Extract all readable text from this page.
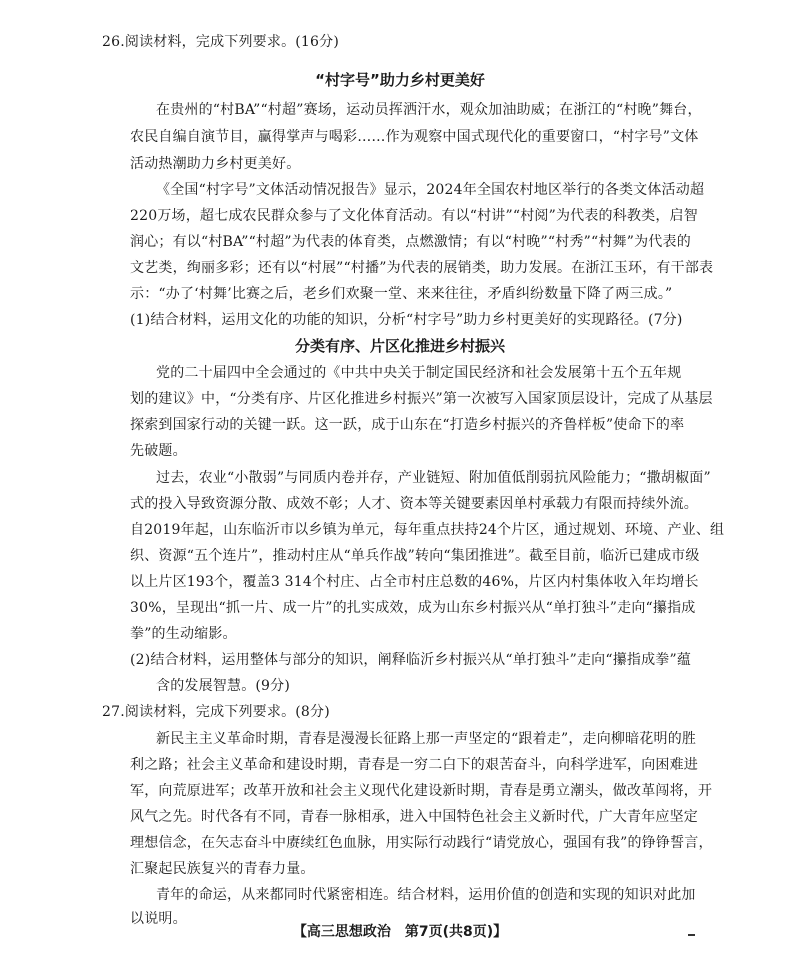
26.阅读材料，完成下列要求。(16分)
“村字号”助力乡村更美好
在贵州的“村BA”“村超”赛场，运动员挥洒汗水，观众加油助威；在浙江的“村晚”舞台，
农民自编自演节目，赢得掌声与喝彩……作为观察中国式现代化的重要窗口，“村字号”文体
活动热潮助力乡村更美好。
《全国“村字号”文体活动情况报告》显示，2024年全国农村地区举行的各类文体活动超
220万场，超七成农民群众参与了文化体育活动。有以“村讲”“村阅”为代表的科教类，启智
润心；有以“村BA”“村超”为代表的体育类，点燃激情；有以“村晚”“村秀”“村舞”为代表的
文艺类，绚丽多彩；还有以“村展”“村播”为代表的展销类，助力发展。在浙江玉环，有干部表
示：“办了‘村舞’比赛之后，老乡们欢聚一堂、来来往往，矛盾纠纷数量下降了两三成。”
(1)结合材料，运用文化的功能的知识，分析“村字号”助力乡村更美好的实现路径。(7分)
分类有序、片区化推进乡村振兴
党的二十届四中全会通过的《中共中央关于制定国民经济和社会发展第十五个五年规
划的建议》中，“分类有序、片区化推进乡村振兴”第一次被写入国家顶层设计，完成了从基层
探索到国家行动的关键一跃。这一跃，成于山东在“打造乡村振兴的齐鲁样板”使命下的率
先破题。
过去，农业“小散弱”与同质内卷并存，产业链短、附加值低削弱抗风险能力；“撒胡椒面”
式的投入导致资源分散、成效不彰；人才、资本等关键要素因单村承载力有限而持续外流。
自2019年起，山东临沂市以乡镇为单元，每年重点扶持24个片区，通过规划、环境、产业、组
织、资源“五个连片”，推动村庄从“单兵作战”转向“集团推进”。截至目前，临沂已建成市级
以上片区193个，覆盖3 314个村庄、占全市村庄总数的46%，片区内村集体收入年均增长
30%，呈现出“抓一片、成一片”的扎实成效，成为山东乡村振兴从“单打独斗”走向“攥指成
拳”的生动缩影。
(2)结合材料，运用整体与部分的知识，阐释临沂乡村振兴从“单打独斗”走向“攥指成拳”蕴
含的发展智慧。(9分)
27.阅读材料，完成下列要求。(8分)
新民主主义革命时期，青春是漫漫长征路上那一声坚定的“跟着走”，走向柳暗花明的胜
利之路；社会主义革命和建设时期，青春是一穷二白下的艰苦奋斗，向科学进军，向困难进
军，向荒原进军；改革开放和社会主义现代化建设新时期，青春是勇立潮头，做改革闯将，开
风气之先。时代各有不同，青春一脉相承，进入中国特色社会主义新时代，广大青年应坚定
理想信念，在矢志奋斗中赓续红色血脉，用实际行动践行“请党放心，强国有我”的铮铮誓言，
汇聚起民族复兴的青春力量。
青年的命运，从来都同时代紧密相连。结合材料，运用价值的创造和实现的知识对此加
以说明。
【高三思想政治　第7页(共8页)】
